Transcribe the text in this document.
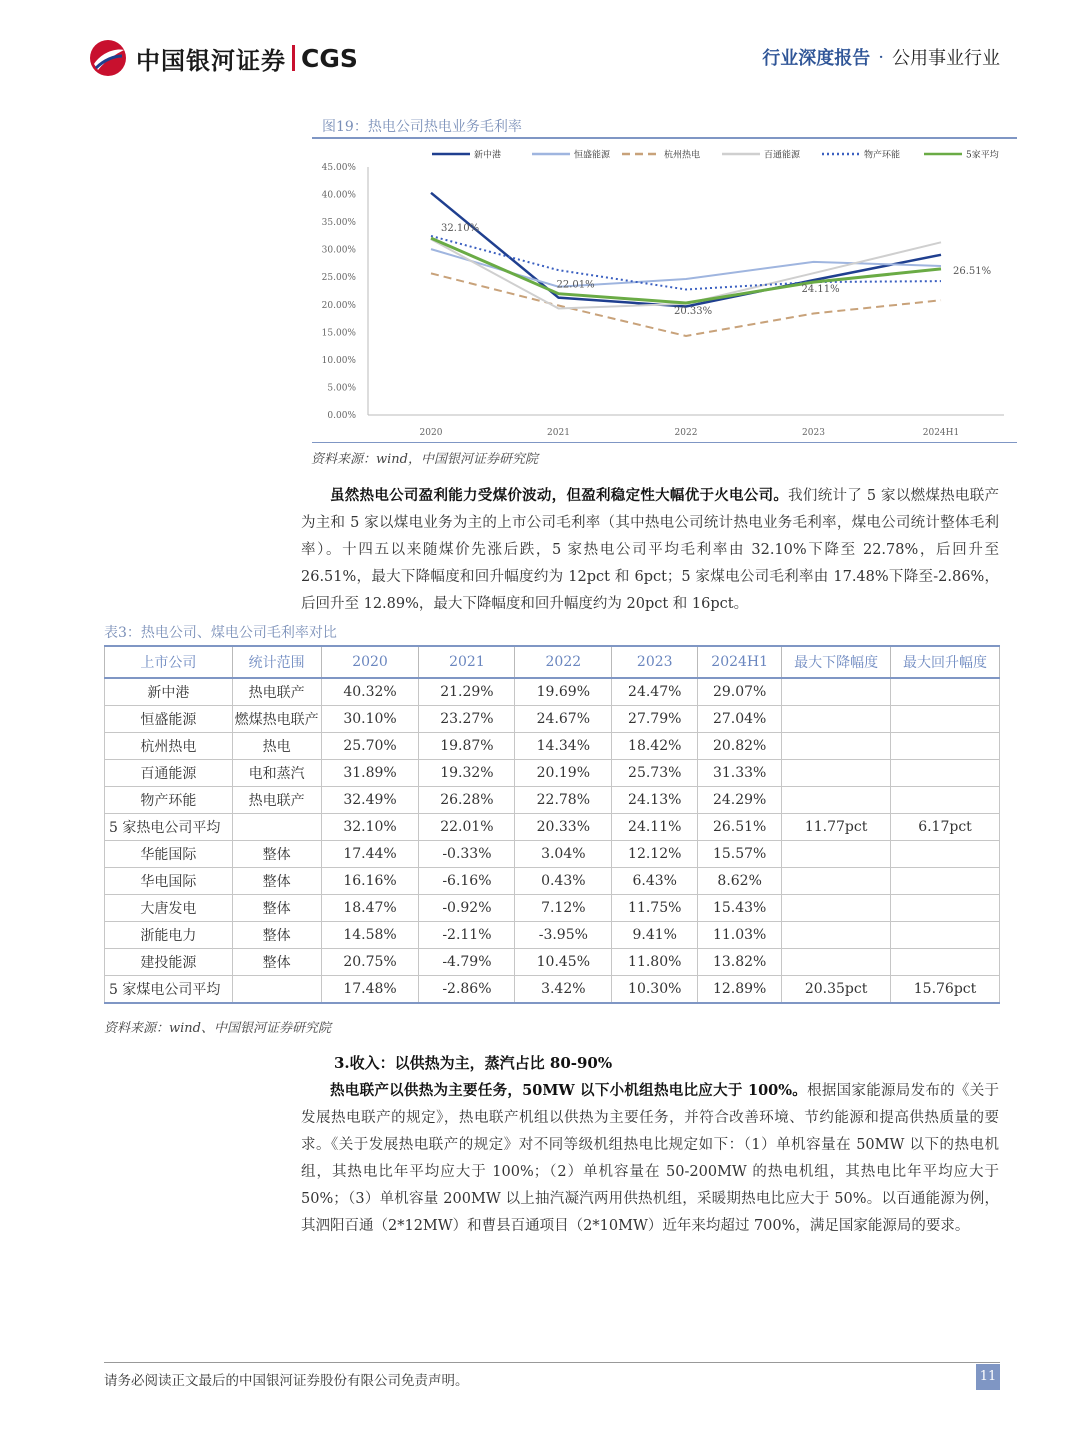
中国银河证券 CGS	行业深度报告 · 公用事业行业
图19：热电公司热电业务毛利率
0.00%
5.00%
10.00%
15.00%
20.00%
25.00%
30.00%
35.00%
40.00%
45.00%
2020	2021	2022	2023	2024H1
新中港	恒盛能源	杭州热电	百通能源	物产环能	5家平均
32.10%
22.01%
20.33%
24.11%
26.51%
资料来源：wind，中国银河证券研究院
虽然热电公司盈利能力受煤价波动，但盈利稳定性大幅优于火电公司。我们统计了 5 家以燃煤热电联产为主和 5 家以煤电业务为主的上市公司毛利率（其中热电公司统计热电业务毛利率，煤电公司统计整体毛利率）。十四五以来随煤价先涨后跌，5 家热电公司平均毛利率由 32.10%下降至 22.78%，后回升至 26.51%，最大下降幅度和回升幅度约为 12pct 和 6pct；5 家煤电公司毛利率由 17.48%下降至-2.86%，后回升至 12.89%，最大下降幅度和回升幅度约为 20pct 和 16pct。
表3：热电公司、煤电公司毛利率对比
上市公司	统计范围	2020	2021	2022	2023	2024H1	最大下降幅度	最大回升幅度
新中港	热电联产	40.32%	21.29%	19.69%	24.47%	29.07%		
恒盛能源	燃煤热电联产	30.10%	23.27%	24.67%	27.79%	27.04%		
杭州热电	热电	25.70%	19.87%	14.34%	18.42%	20.82%		
百通能源	电和蒸汽	31.89%	19.32%	20.19%	25.73%	31.33%		
物产环能	热电联产	32.49%	26.28%	22.78%	24.13%	24.29%		
5 家热电公司平均		32.10%	22.01%	20.33%	24.11%	26.51%	11.77pct	6.17pct
华能国际	整体	17.44%	-0.33%	3.04%	12.12%	15.57%		
华电国际	整体	16.16%	-6.16%	0.43%	6.43%	8.62%		
大唐发电	整体	18.47%	-0.92%	7.12%	11.75%	15.43%		
浙能电力	整体	14.58%	-2.11%	-3.95%	9.41%	11.03%		
建投能源	整体	20.75%	-4.79%	10.45%	11.80%	13.82%		
5 家煤电公司平均		17.48%	-2.86%	3.42%	10.30%	12.89%	20.35pct	15.76pct
资料来源：wind、中国银河证券研究院
3.收入：以供热为主，蒸汽占比 80-90%
热电联产以供热为主要任务，50MW 以下小机组热电比应大于 100%。根据国家能源局发布的《关于发展热电联产的规定》，热电联产机组以供热为主要任务，并符合改善环境、节约能源和提高供热质量的要求。《关于发展热电联产的规定》对不同等级机组热电比规定如下：（1）单机容量在 50MW 以下的热电机组，其热电比年平均应大于 100%；（2）单机容量在 50-200MW 的热电机组，其热电比年平均应大于 50%；（3）单机容量 200MW 以上抽汽凝汽两用供热机组，采暖期热电比应大于 50%。以百通能源为例，其泗阳百通（2*12MW）和曹县百通项目（2*10MW）近年来均超过 700%，满足国家能源局的要求。
请务必阅读正文最后的中国银河证券股份有限公司免责声明。	11
